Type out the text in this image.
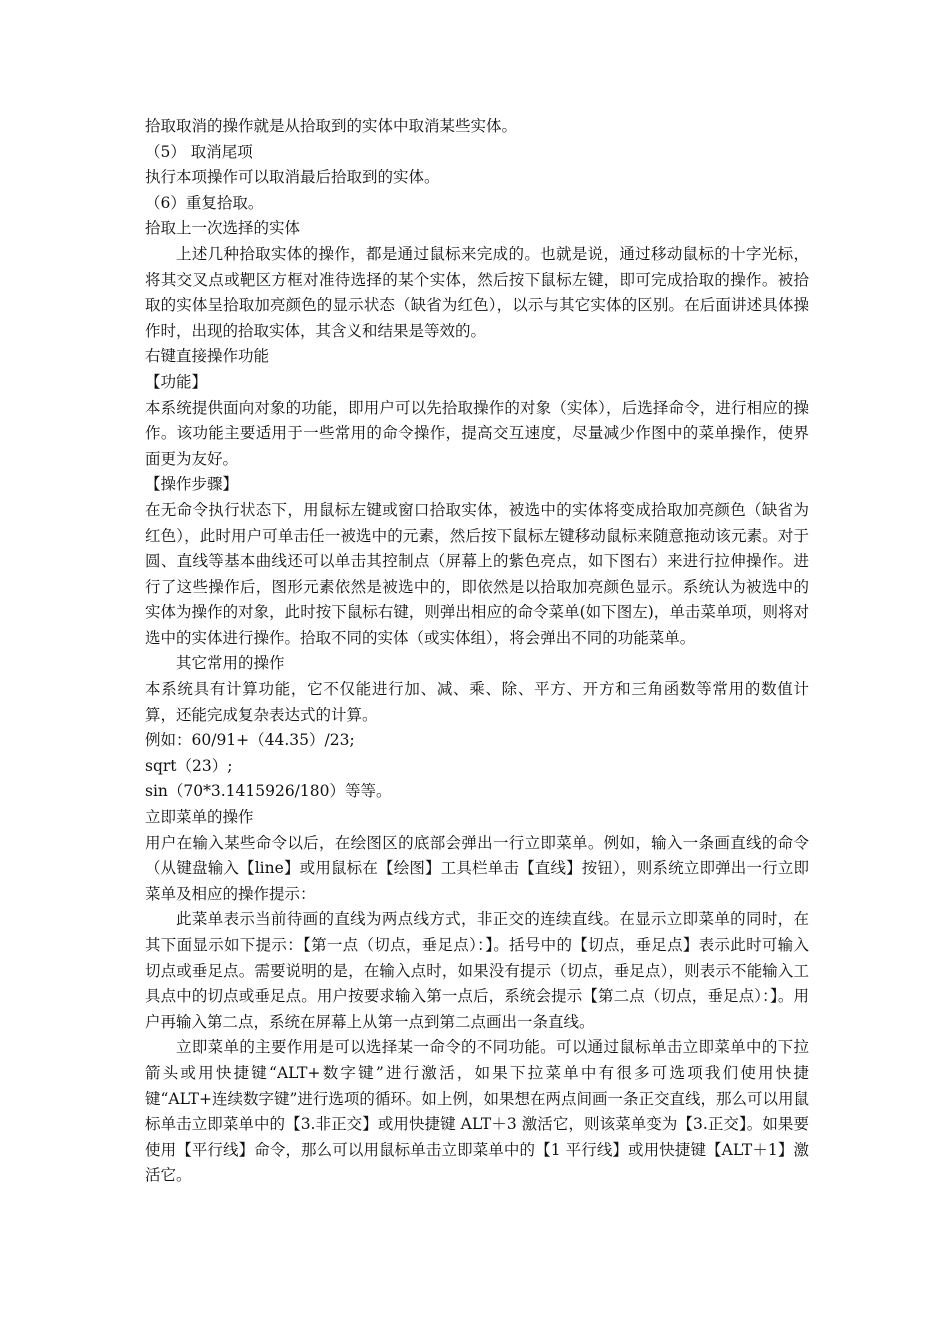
拾取取消的操作就是从拾取到的实体中取消某些实体。

（5） 取消尾项

执行本项操作可以取消最后拾取到的实体。

（6）重复拾取。

拾取上一次选择的实体

上述几种拾取实体的操作，都是通过鼠标来完成的。也就是说，通过移动鼠标的十字光标，将其交叉点或靶区方框对准待选择的某个实体，然后按下鼠标左键，即可完成拾取的操作。被拾取的实体呈拾取加亮颜色的显示状态（缺省为红色），以示与其它实体的区别。在后面讲述具体操作时，出现的拾取实体，其含义和结果是等效的。

右键直接操作功能

【功能】

本系统提供面向对象的功能，即用户可以先拾取操作的对象（实体），后选择命令，进行相应的操作。该功能主要适用于一些常用的命令操作，提高交互速度，尽量减少作图中的菜单操作，使界面更为友好。

【操作步骤】

在无命令执行状态下，用鼠标左键或窗口拾取实体，被选中的实体将变成拾取加亮颜色（缺省为红色），此时用户可单击任一被选中的元素，然后按下鼠标左键移动鼠标来随意拖动该元素。对于圆、直线等基本曲线还可以单击其控制点（屏幕上的紫色亮点，如下图右）来进行拉伸操作。进行了这些操作后，图形元素依然是被选中的，即依然是以拾取加亮颜色显示。系统认为被选中的实体为操作的对象，此时按下鼠标右键，则弹出相应的命令菜单(如下图左)，单击菜单项，则将对选中的实体进行操作。拾取不同的实体（或实体组），将会弹出不同的功能菜单。

其它常用的操作

本系统具有计算功能，它不仅能进行加、减、乘、除、平方、开方和三角函数等常用的数值计算，还能完成复杂表达式的计算。

例如：60/91+（44.35）/23;

sqrt（23）;

sin（70*3.1415926/180）等等。

立即菜单的操作

用户在输入某些命令以后，在绘图区的底部会弹出一行立即菜单。例如，输入一条画直线的命令（从键盘输入【line】或用鼠标在【绘图】工具栏单击【直线】按钮），则系统立即弹出一行立即菜单及相应的操作提示：

此菜单表示当前待画的直线为两点线方式，非正交的连续直线。在显示立即菜单的同时，在其下面显示如下提示：【第一点（切点，垂足点）：】。括号中的【切点，垂足点】表示此时可输入切点或垂足点。需要说明的是，在输入点时，如果没有提示（切点，垂足点），则表示不能输入工具点中的切点或垂足点。用户按要求输入第一点后，系统会提示【第二点（切点，垂足点）：】。用户再输入第二点，系统在屏幕上从第一点到第二点画出一条直线。

立即菜单的主要作用是可以选择某一命令的不同功能。可以通过鼠标单击立即菜单中的下拉箭头或用快捷键“ALT+数字键”进行激活，如果下拉菜单中有很多可选项我们使用快捷键“ALT+连续数字键”进行选项的循环。如上例，如果想在两点间画一条正交直线，那么可以用鼠标单击立即菜单中的【3.非正交】或用快捷键 ALT＋3 激活它，则该菜单变为【3.正交】。如果要使用【平行线】命令，那么可以用鼠标单击立即菜单中的【1 平行线】或用快捷键【ALT＋1】激活它。
